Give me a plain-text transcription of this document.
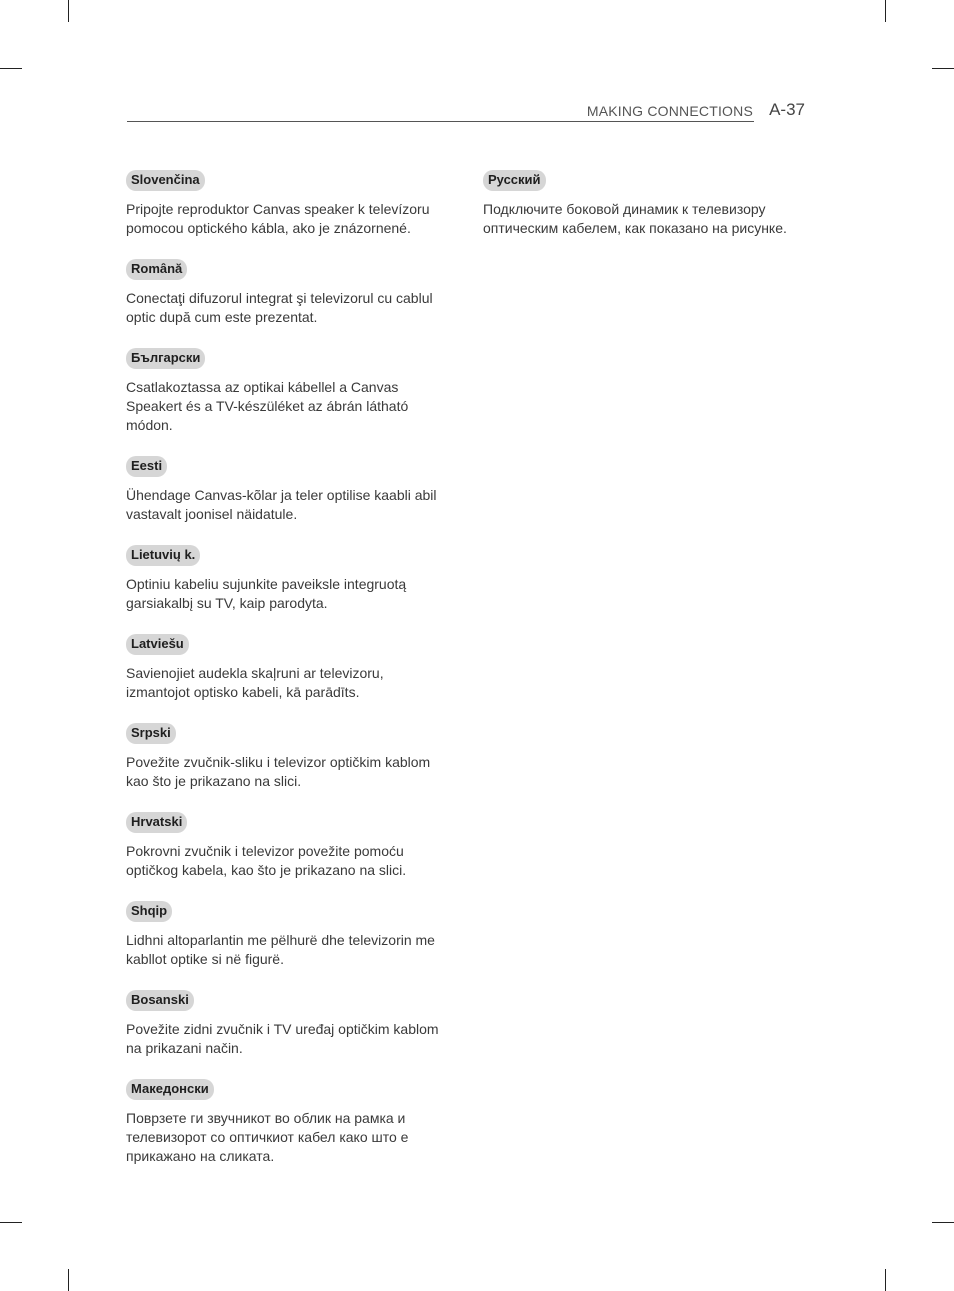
MAKING CONNECTIONS A-37
Slovenčina

Pripojte reproduktor Canvas speaker k televízoru
pomocou optického kábla, ako je znázornené.

Română

Conectaţi difuzorul integrat şi televizorul cu cablul
optic după cum este prezentat.

Български

Csatlakoztassa az optikai kábellel a Canvas
Speakert és a TV-készüléket az ábrán látható
módon.

Eesti

Ühendage Canvas-kõlar ja teler optilise kaabli abil
vastavalt joonisel näidatule.

Lietuvių k.

Optiniu kabeliu sujunkite paveiksle integruotą
garsiakalbį su TV, kaip parodyta.

Latviešu

Savienojiet audekla skaļruni ar televizoru,
izmantojot optisko kabeli, kā parādīts.

Srpski

Povežite zvučnik-sliku i televizor optičkim kablom
kao što je prikazano na slici.

Hrvatski

Pokrovni zvučnik i televizor povežite pomoću
optičkog kabela, kao što je prikazano na slici.

Shqip

Lidhni altoparlantin me pëlhurë dhe televizorin me
kabllot optike si në figurë.

Bosanski

Povežite zidni zvučnik i TV uređaj optičkim kablom
na prikazani način.

Македонски

Поврзете ги звучникот во облик на рамка и
телевизорот со оптичкиот кабел како што е
прикажано на сликата.

Русский

Подключите боковой динамик к телевизору
оптическим кабелем, как показано на рисунке.
